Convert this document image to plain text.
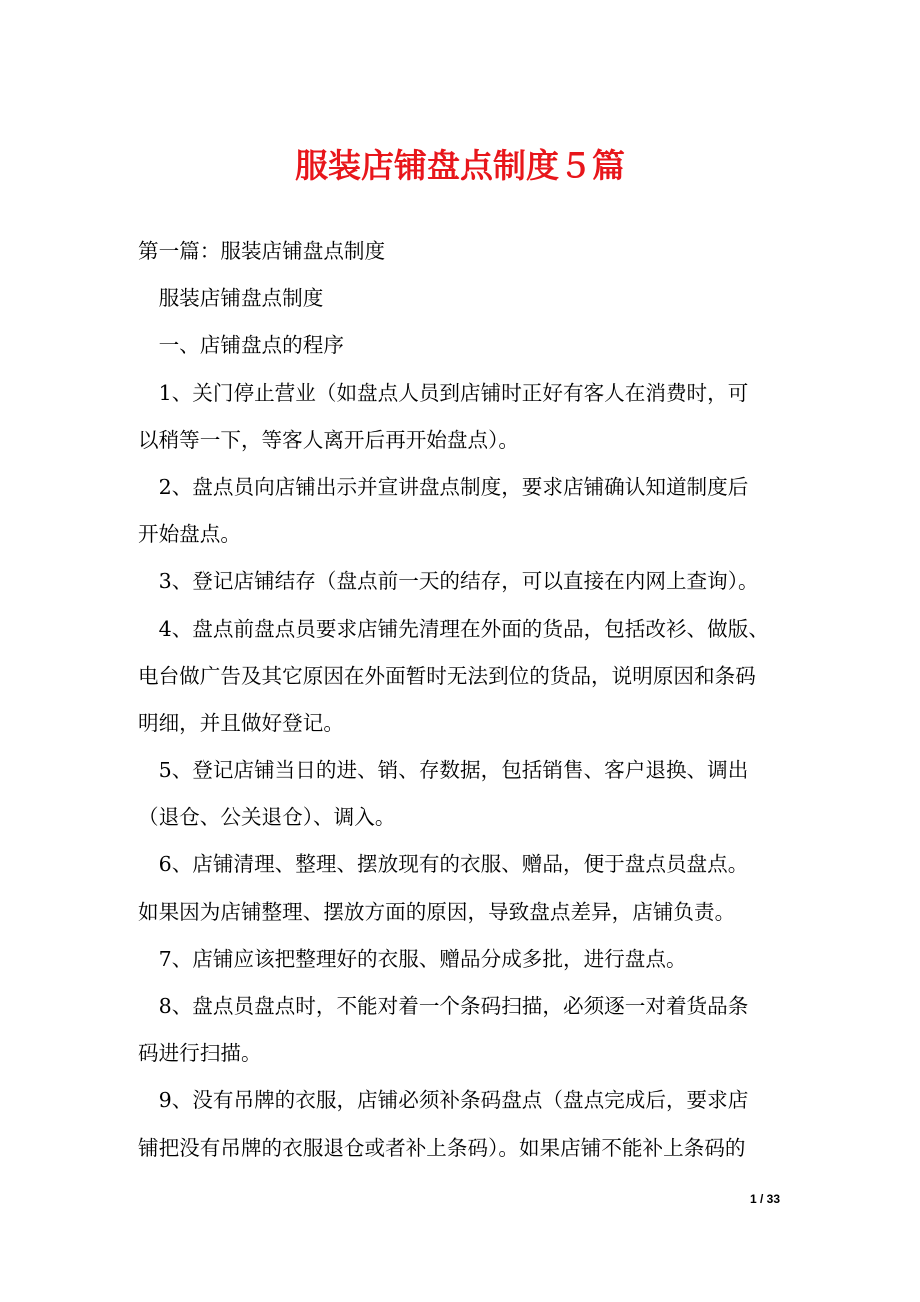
服装店铺盘点制度５篇
第一篇：服装店铺盘点制度
　服装店铺盘点制度
　一、店铺盘点的程序
　1、关门停止营业（如盘点人员到店铺时正好有客人在消费时，可
以稍等一下，等客人离开后再开始盘点）。
　2、盘点员向店铺出示并宣讲盘点制度，要求店铺确认知道制度后
开始盘点。
　3、登记店铺结存（盘点前一天的结存，可以直接在内网上查询）。
　4、盘点前盘点员要求店铺先清理在外面的货品，包括改衫、做版、
电台做广告及其它原因在外面暂时无法到位的货品，说明原因和条码
明细，并且做好登记。
　5、登记店铺当日的进、销、存数据，包括销售、客户退换、调出
（退仓、公关退仓）、调入。
　6、店铺清理、整理、摆放现有的衣服、赠品，便于盘点员盘点。
如果因为店铺整理、摆放方面的原因，导致盘点差异，店铺负责。
　7、店铺应该把整理好的衣服、赠品分成多批，进行盘点。
　8、盘点员盘点时，不能对着一个条码扫描，必须逐一对着货品条
码进行扫描。
　9、没有吊牌的衣服，店铺必须补条码盘点（盘点完成后，要求店
铺把没有吊牌的衣服退仓或者补上条码）。如果店铺不能补上条码的
1 / 33
